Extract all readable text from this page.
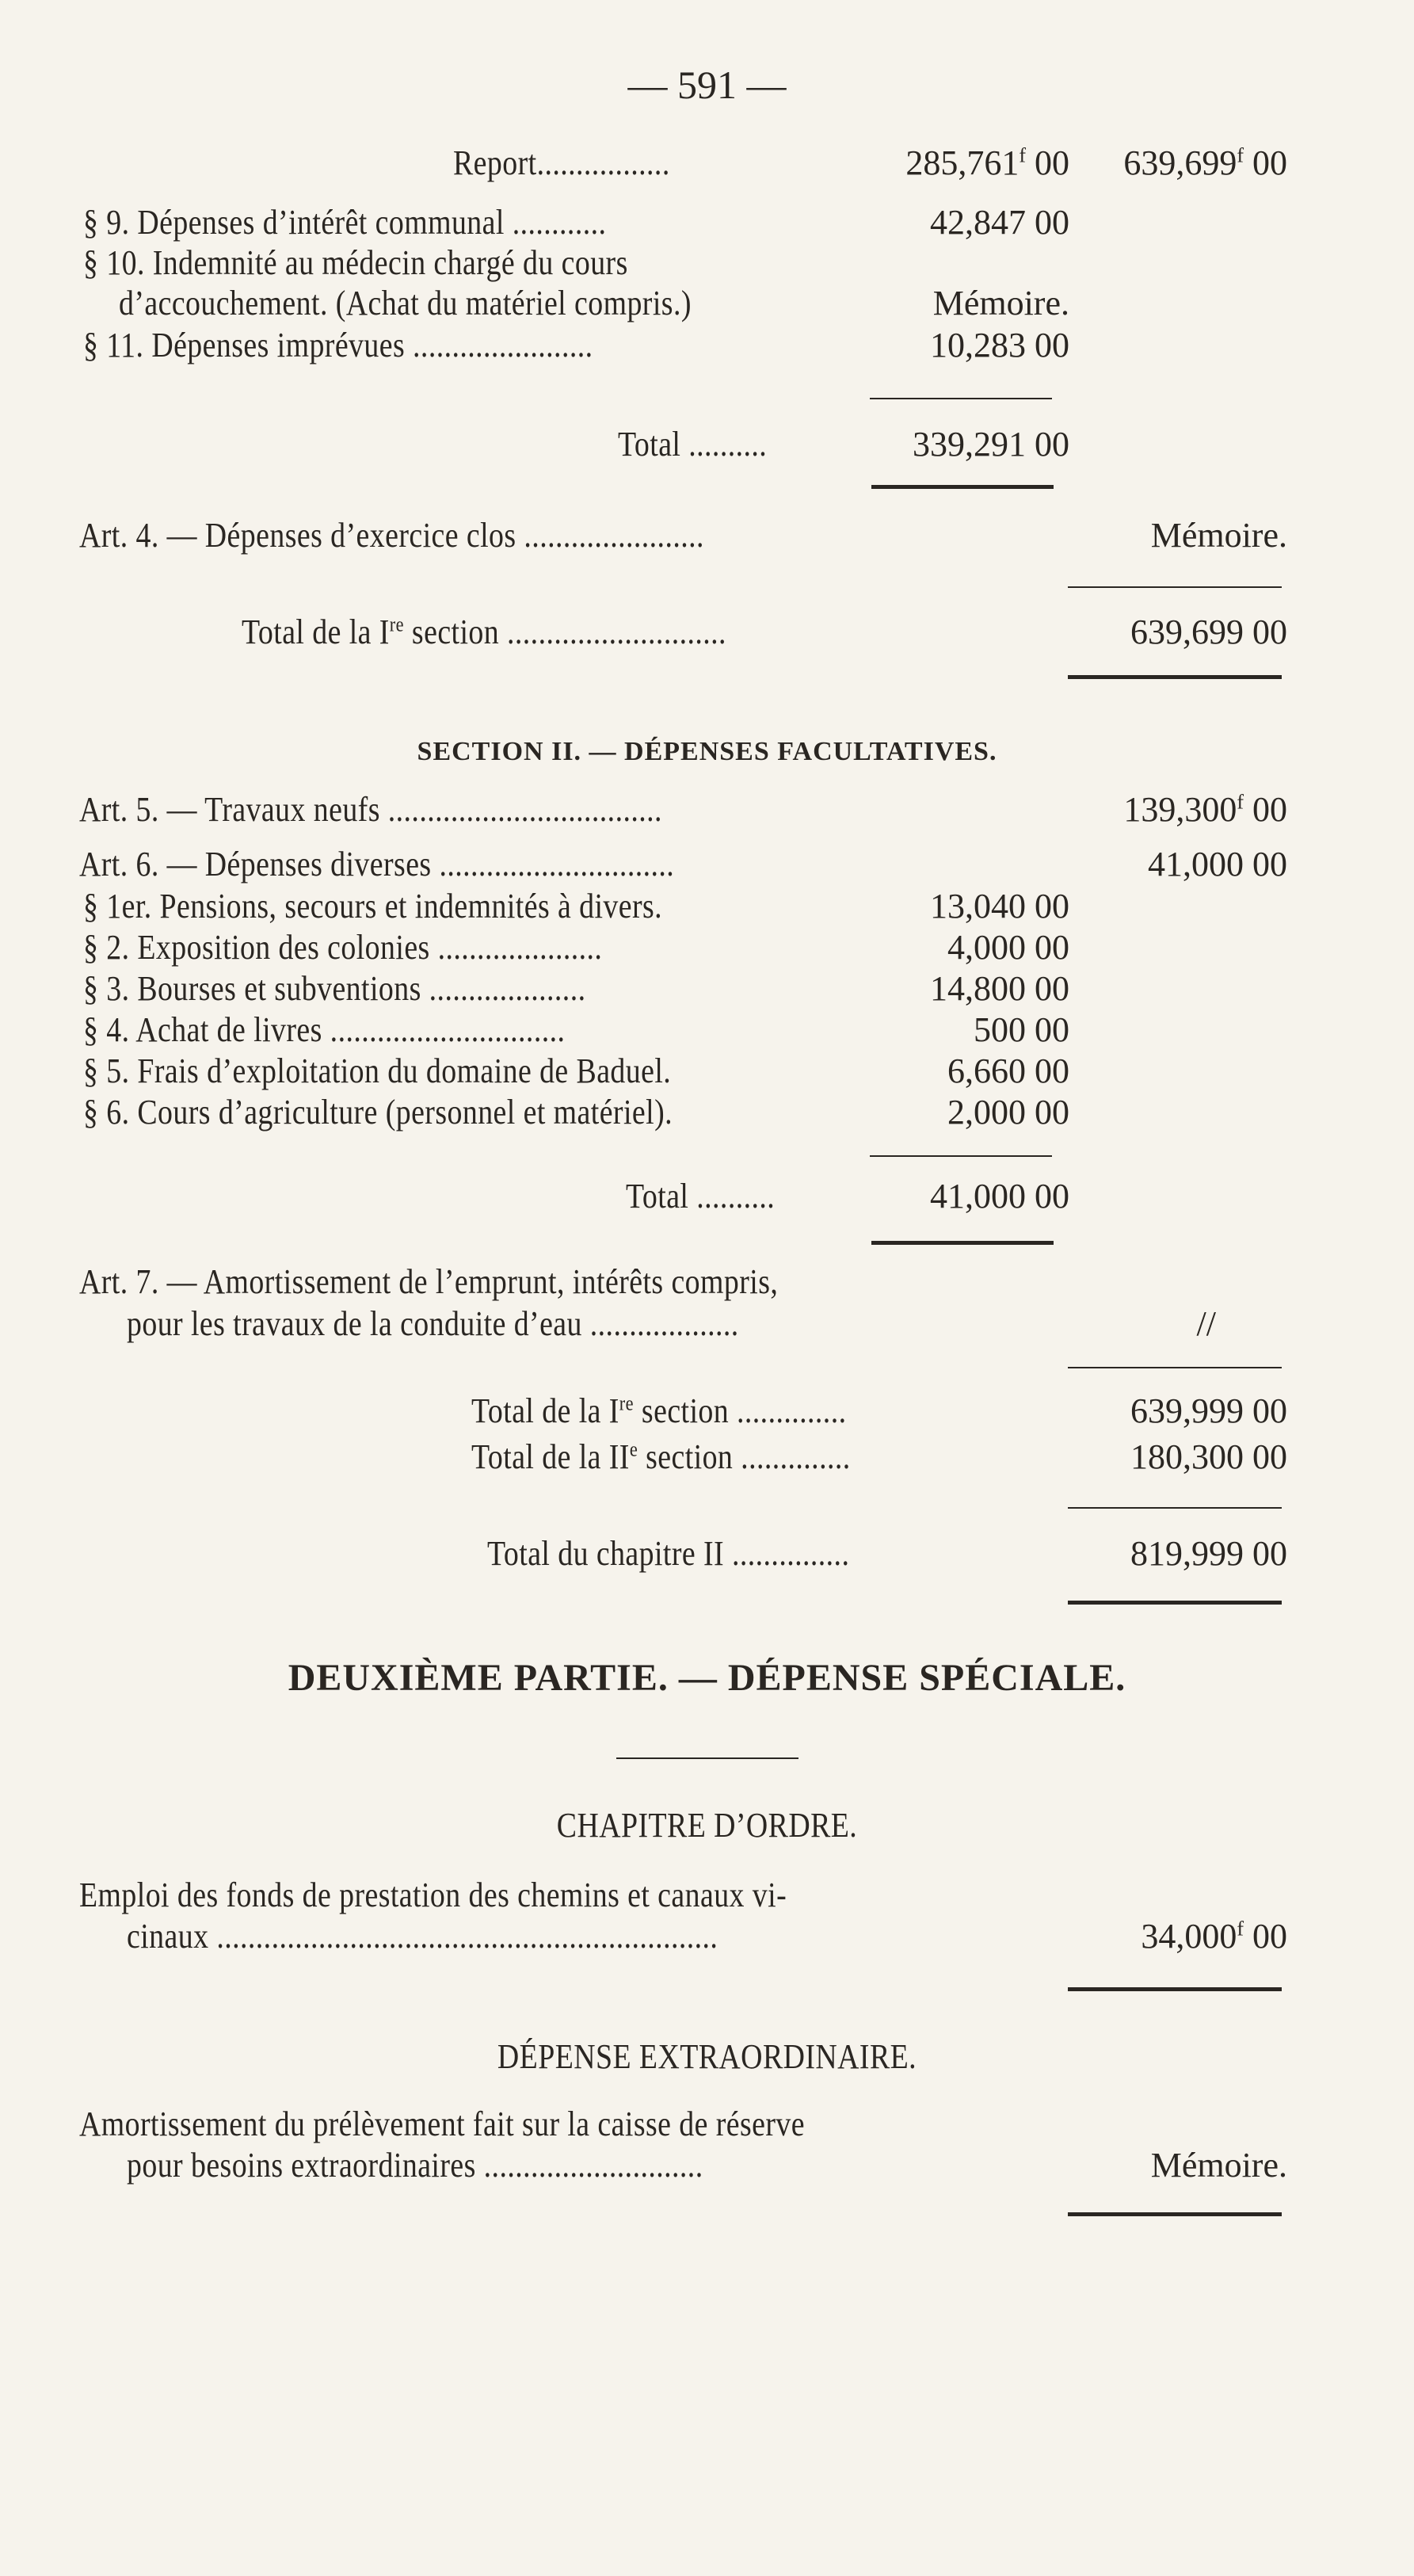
— 591 —
Report.................	285,761$^f$ 00 639,699$^f$ 00
§ 9. Dépenses d’intérêt communal ............	42,847 00
§ 10. Indemnité au médecin chargé du cours
d’accouchement. (Achat du matériel compris.)	Mémoire.
§ 11. Dépenses imprévues .......................	10,283 00
Total ..........	339,291 00
Art. 4. — Dépenses d’exercice clos .......................	Mémoire.
Total de la Ire section ............................	639,699 00
SECTION II. — DÉPENSES FACULTATIVES.
Art. 5. — Travaux neufs ...................................	139,300$^f$ 00
Art. 6. — Dépenses diverses ..............................	41,000 00
§ 1er. Pensions, secours et indemnités à divers.	13,040 00
§ 2. Exposition des colonies .....................	4,000 00
§ 3. Bourses et subventions ....................	14,800 00
§ 4. Achat de livres ..............................	500 00
§ 5. Frais d’exploitation du domaine de Baduel.	6,660 00
§ 6. Cours d’agriculture (personnel et matériel).	2,000 00
Total ..........	41,000 00
Art. 7. — Amortissement de l’emprunt, intérêts compris,
pour les travaux de la conduite d’eau ...................	//
Total de la Ire section ..............	639,999 00
Total de la IIe section ..............	180,300 00
Total du chapitre II ...............	819,999 00
DEUXIÈME PARTIE. — DÉPENSE SPÉCIALE.
CHAPITRE D’ORDRE.
Emploi des fonds de prestation des chemins et canaux vi-
cinaux ................................................................	34,000$^f$ 00
DÉPENSE EXTRAORDINAIRE.
Amortissement du prélèvement fait sur la caisse de réserve
pour besoins extraordinaires ............................	Mémoire.
